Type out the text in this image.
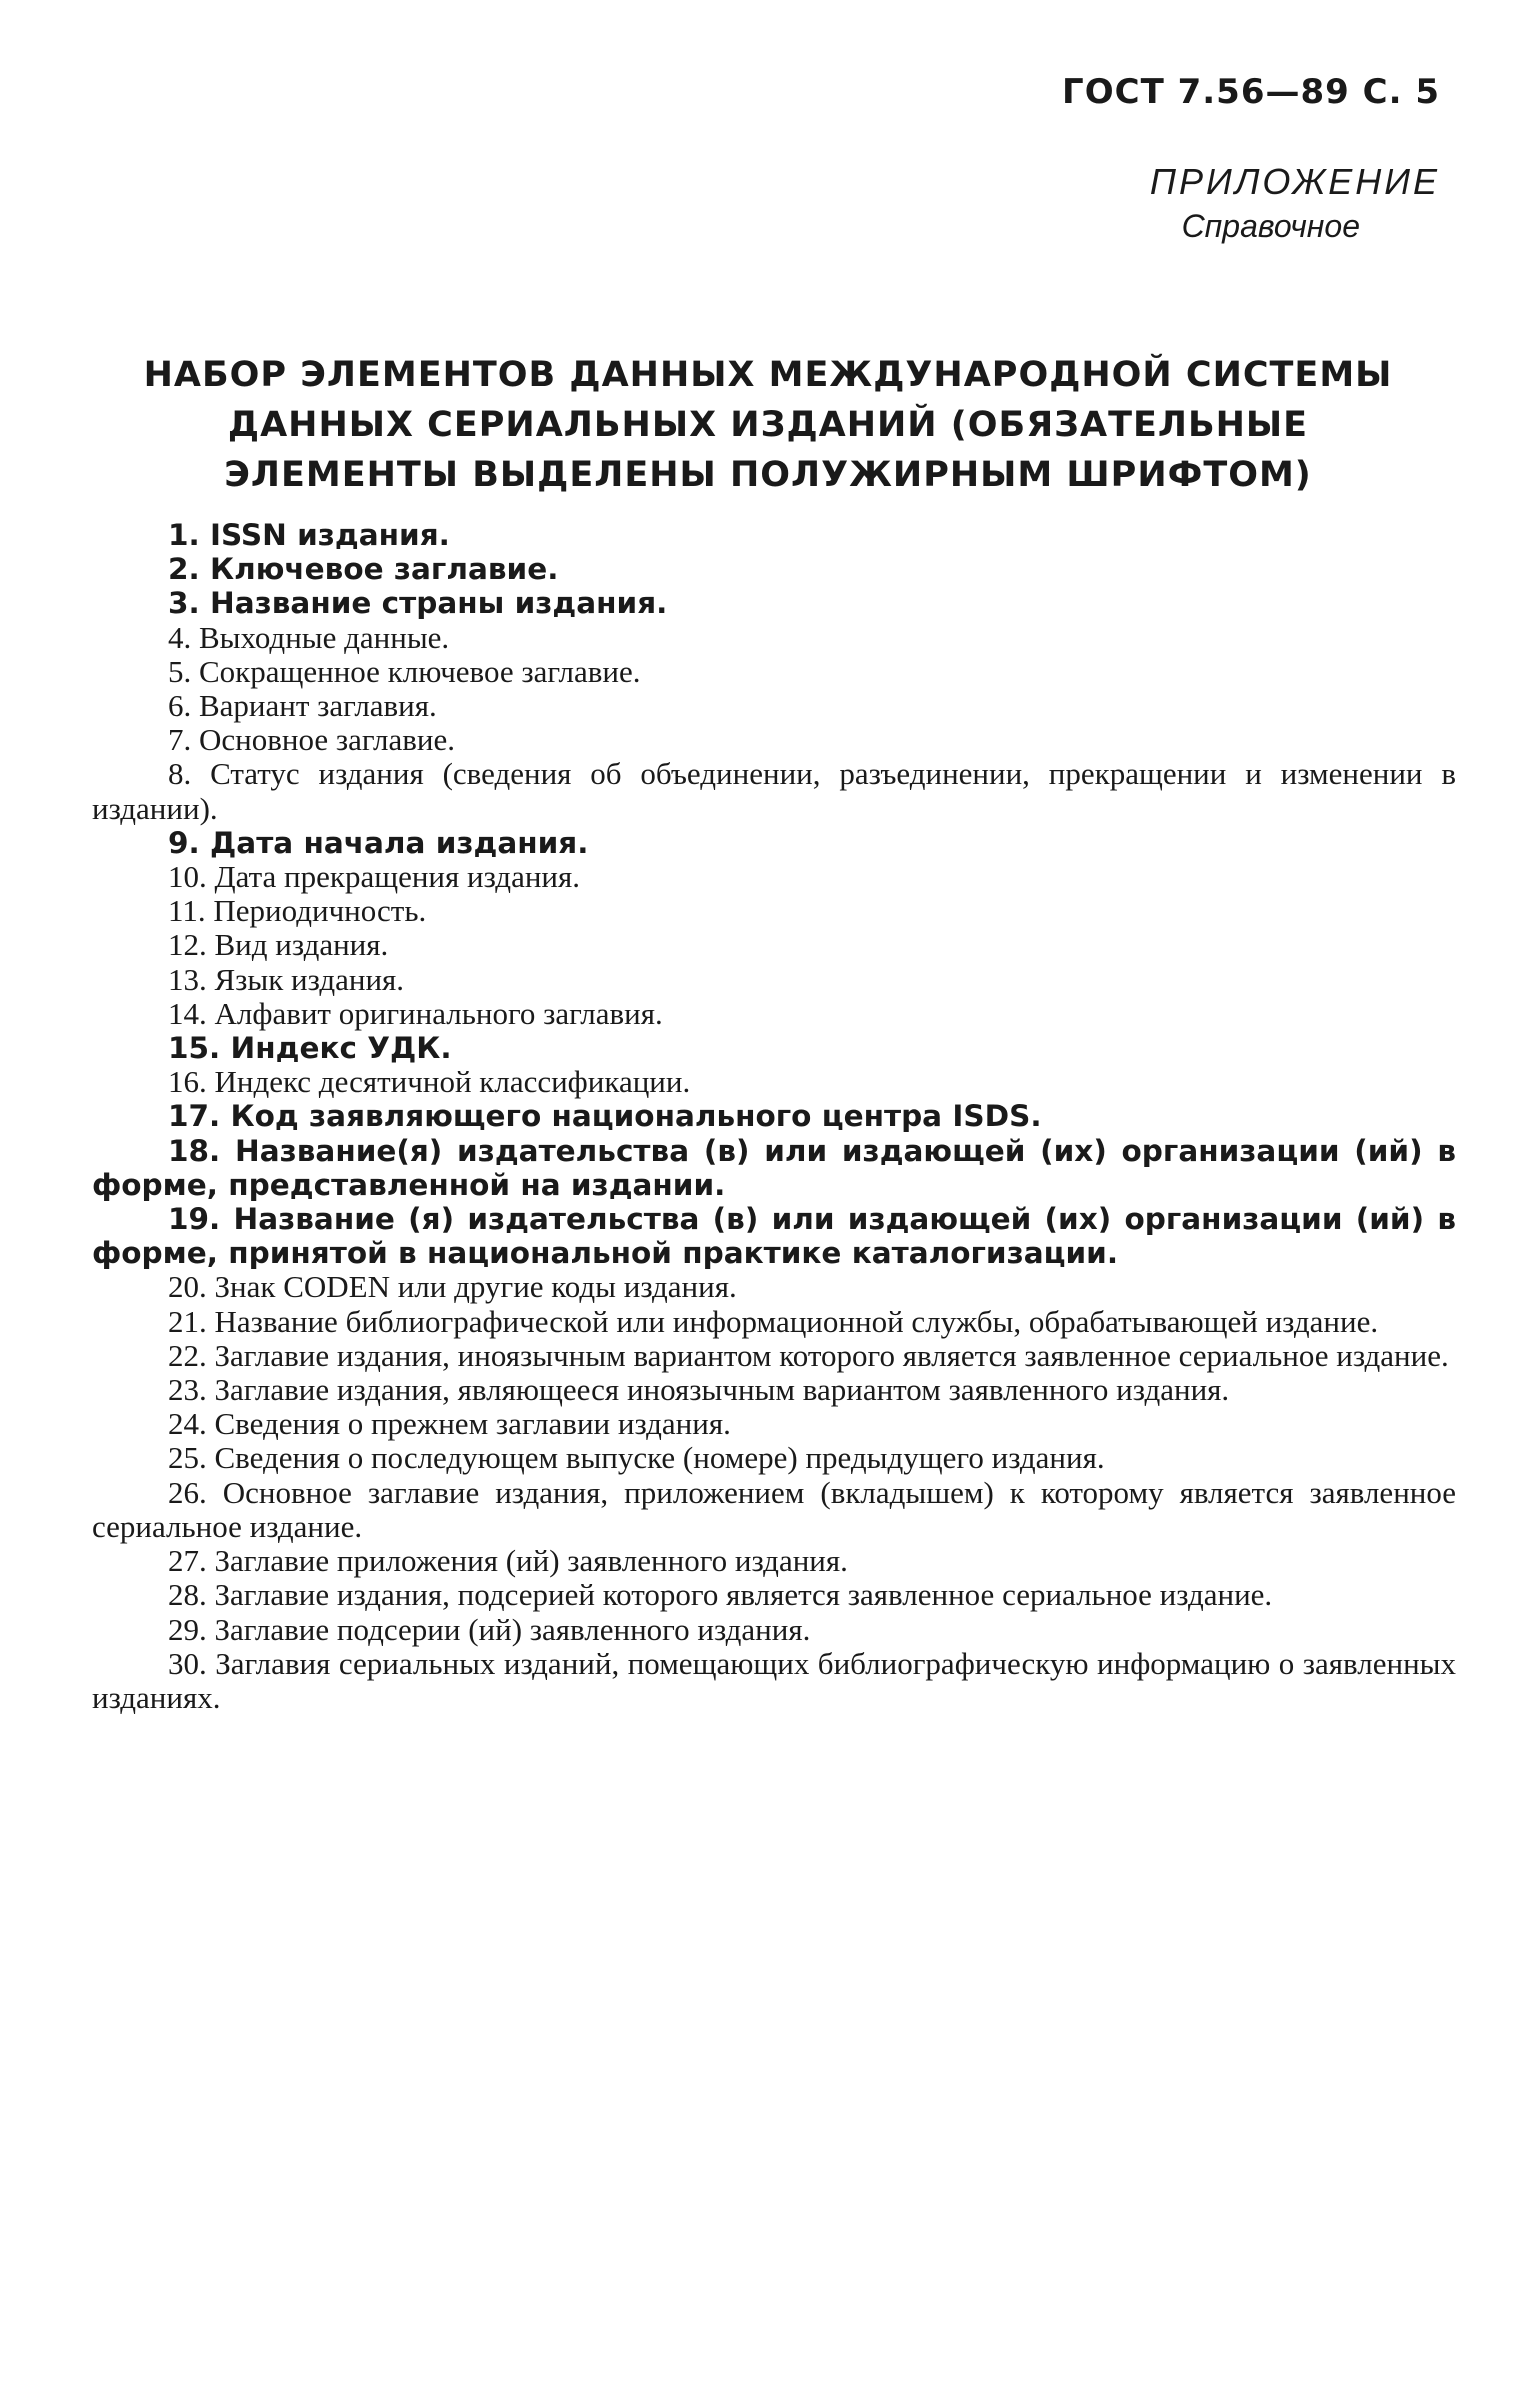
ГОСТ 7.56—89 С. 5
ПРИЛОЖЕНИЕ
Справочное
НАБОР ЭЛЕМЕНТОВ ДАННЫХ МЕЖДУНАРОДНОЙ СИСТЕМЫ
ДАННЫХ СЕРИАЛЬНЫХ ИЗДАНИЙ (ОБЯЗАТЕЛЬНЫЕ
ЭЛЕМЕНТЫ ВЫДЕЛЕНЫ ПОЛУЖИРНЫМ ШРИФТОМ)
1. ISSN издания.
2. Ключевое заглавие.
3. Название страны издания.
4. Выходные данные.
5. Сокращенное ключевое заглавие.
6. Вариант заглавия.
7. Основное заглавие.
8. Статус издания (сведения об объединении, разъединении, прекращении и изменении в издании).
9. Дата начала издания.
10. Дата прекращения издания.
11. Периодичность.
12. Вид издания.
13. Язык издания.
14. Алфавит оригинального заглавия.
15. Индекс УДК.
16. Индекс десятичной классификации.
17. Код заявляющего национального центра ISDS.
18. Название(я) издательства (в) или издающей (их) организации (ий) в форме, представленной на издании.
19. Название (я) издательства (в) или издающей (их) организации (ий) в форме, принятой в национальной практике каталогизации.
20. Знак CODEN или другие коды издания.
21. Название библиографической или информационной службы, обрабатывающей издание.
22. Заглавие издания, иноязычным вариантом которого является заявленное сериальное издание.
23. Заглавие издания, являющееся иноязычным вариантом заявленного издания.
24. Сведения о прежнем заглавии издания.
25. Сведения о последующем выпуске (номере) предыдущего издания.
26. Основное заглавие издания, приложением (вкладышем) к которому является заявленное сериальное издание.
27. Заглавие приложения (ий) заявленного издания.
28. Заглавие издания, подсерией которого является заявленное сериальное издание.
29. Заглавие подсерии (ий) заявленного издания.
30. Заглавия сериальных изданий, помещающих библиографическую информацию о заявленных изданиях.
